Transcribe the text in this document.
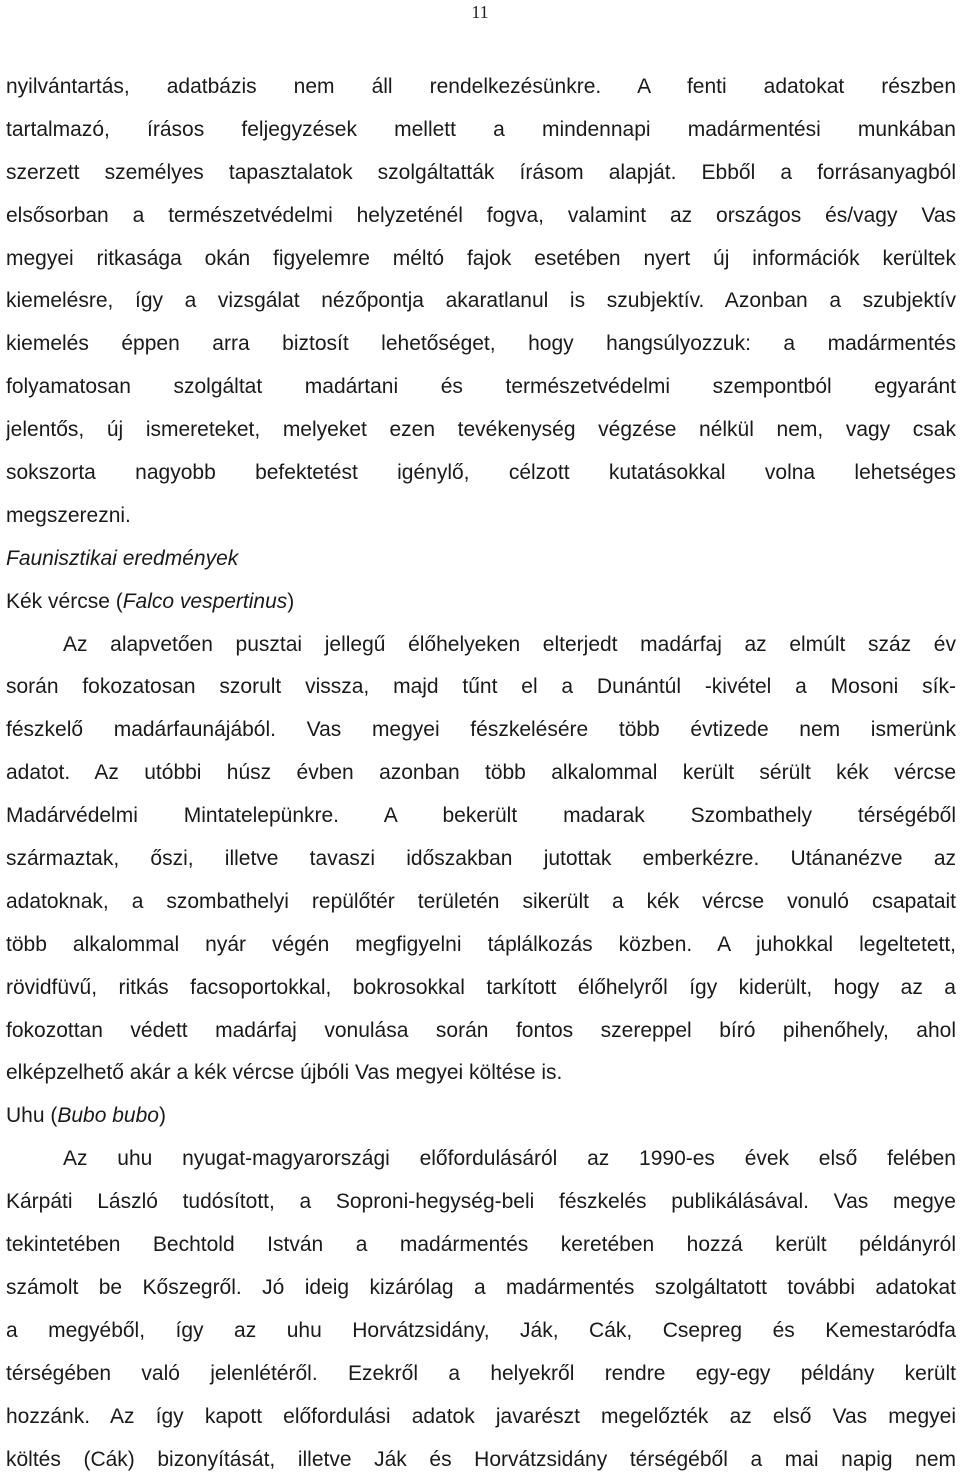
11
nyilvántartás, adatbázis nem áll rendelkezésünkre. A fenti adatokat részben
tartalmazó, írásos feljegyzések mellett a mindennapi madármentési munkában
szerzett személyes tapasztalatok szolgáltatták írásom alapját. Ebből a forrásanyagból
elsősorban a természetvédelmi helyzeténél fogva, valamint az országos és/vagy Vas
megyei ritkasága okán figyelemre méltó fajok esetében nyert új információk kerültek
kiemelésre, így a vizsgálat nézőpontja akaratlanul is szubjektív. Azonban a szubjektív
kiemelés éppen arra biztosít lehetőséget, hogy hangsúlyozzuk: a madármentés
folyamatosan szolgáltat madártani és természetvédelmi szempontból egyaránt
jelentős, új ismereteket, melyeket ezen tevékenység végzése nélkül nem, vagy csak
sokszorta nagyobb befektetést igénylő, célzott kutatásokkal volna lehetséges
megszerezni.
Faunisztikai eredmények
Kék vércse (Falco vespertinus)
Az alapvetően pusztai jellegű élőhelyeken elterjedt madárfaj az elmúlt száz év
során fokozatosan szorult vissza, majd tűnt el a Dunántúl -kivétel a Mosoni sík-
fészkelő madárfaunájából. Vas megyei fészkelésére több évtizede nem ismerünk
adatot. Az utóbbi húsz évben azonban több alkalommal került sérült kék vércse
Madárvédelmi Mintatelepünkre. A bekerült madarak Szombathely térségéből
származtak, őszi, illetve tavaszi időszakban jutottak emberkézre. Utánanézve az
adatoknak, a szombathelyi repülőtér területén sikerült a kék vércse vonuló csapatait
több alkalommal nyár végén megfigyelni táplálkozás közben. A juhokkal legeltetett,
rövidfüvű, ritkás facsoportokkal, bokrosokkal tarkított élőhelyről így kiderült, hogy az a
fokozottan védett madárfaj vonulása során fontos szereppel bíró pihenőhely, ahol
elképzelhető akár a kék vércse újbóli Vas megyei költése is.
Uhu (Bubo bubo)
Az uhu nyugat-magyarországi előfordulásáról az 1990-es évek első felében
Kárpáti László tudósított, a Soproni-hegység-beli fészkelés publikálásával. Vas megye
tekintetében Bechtold István a madármentés keretében hozzá került példányról
számolt be Kőszegről. Jó ideig kizárólag a madármentés szolgáltatott további adatokat
a megyéből, így az uhu Horvátzsidány, Ják, Cák, Csepreg és Kemestaródfa
térségében való jelenlétéről. Ezekről a helyekről rendre egy-egy példány került
hozzánk. Az így kapott előfordulási adatok javarészt megelőzték az első Vas megyei
költés (Cák) bizonyítását, illetve Ják és Horvátzsidány térségéből a mai napig nem
